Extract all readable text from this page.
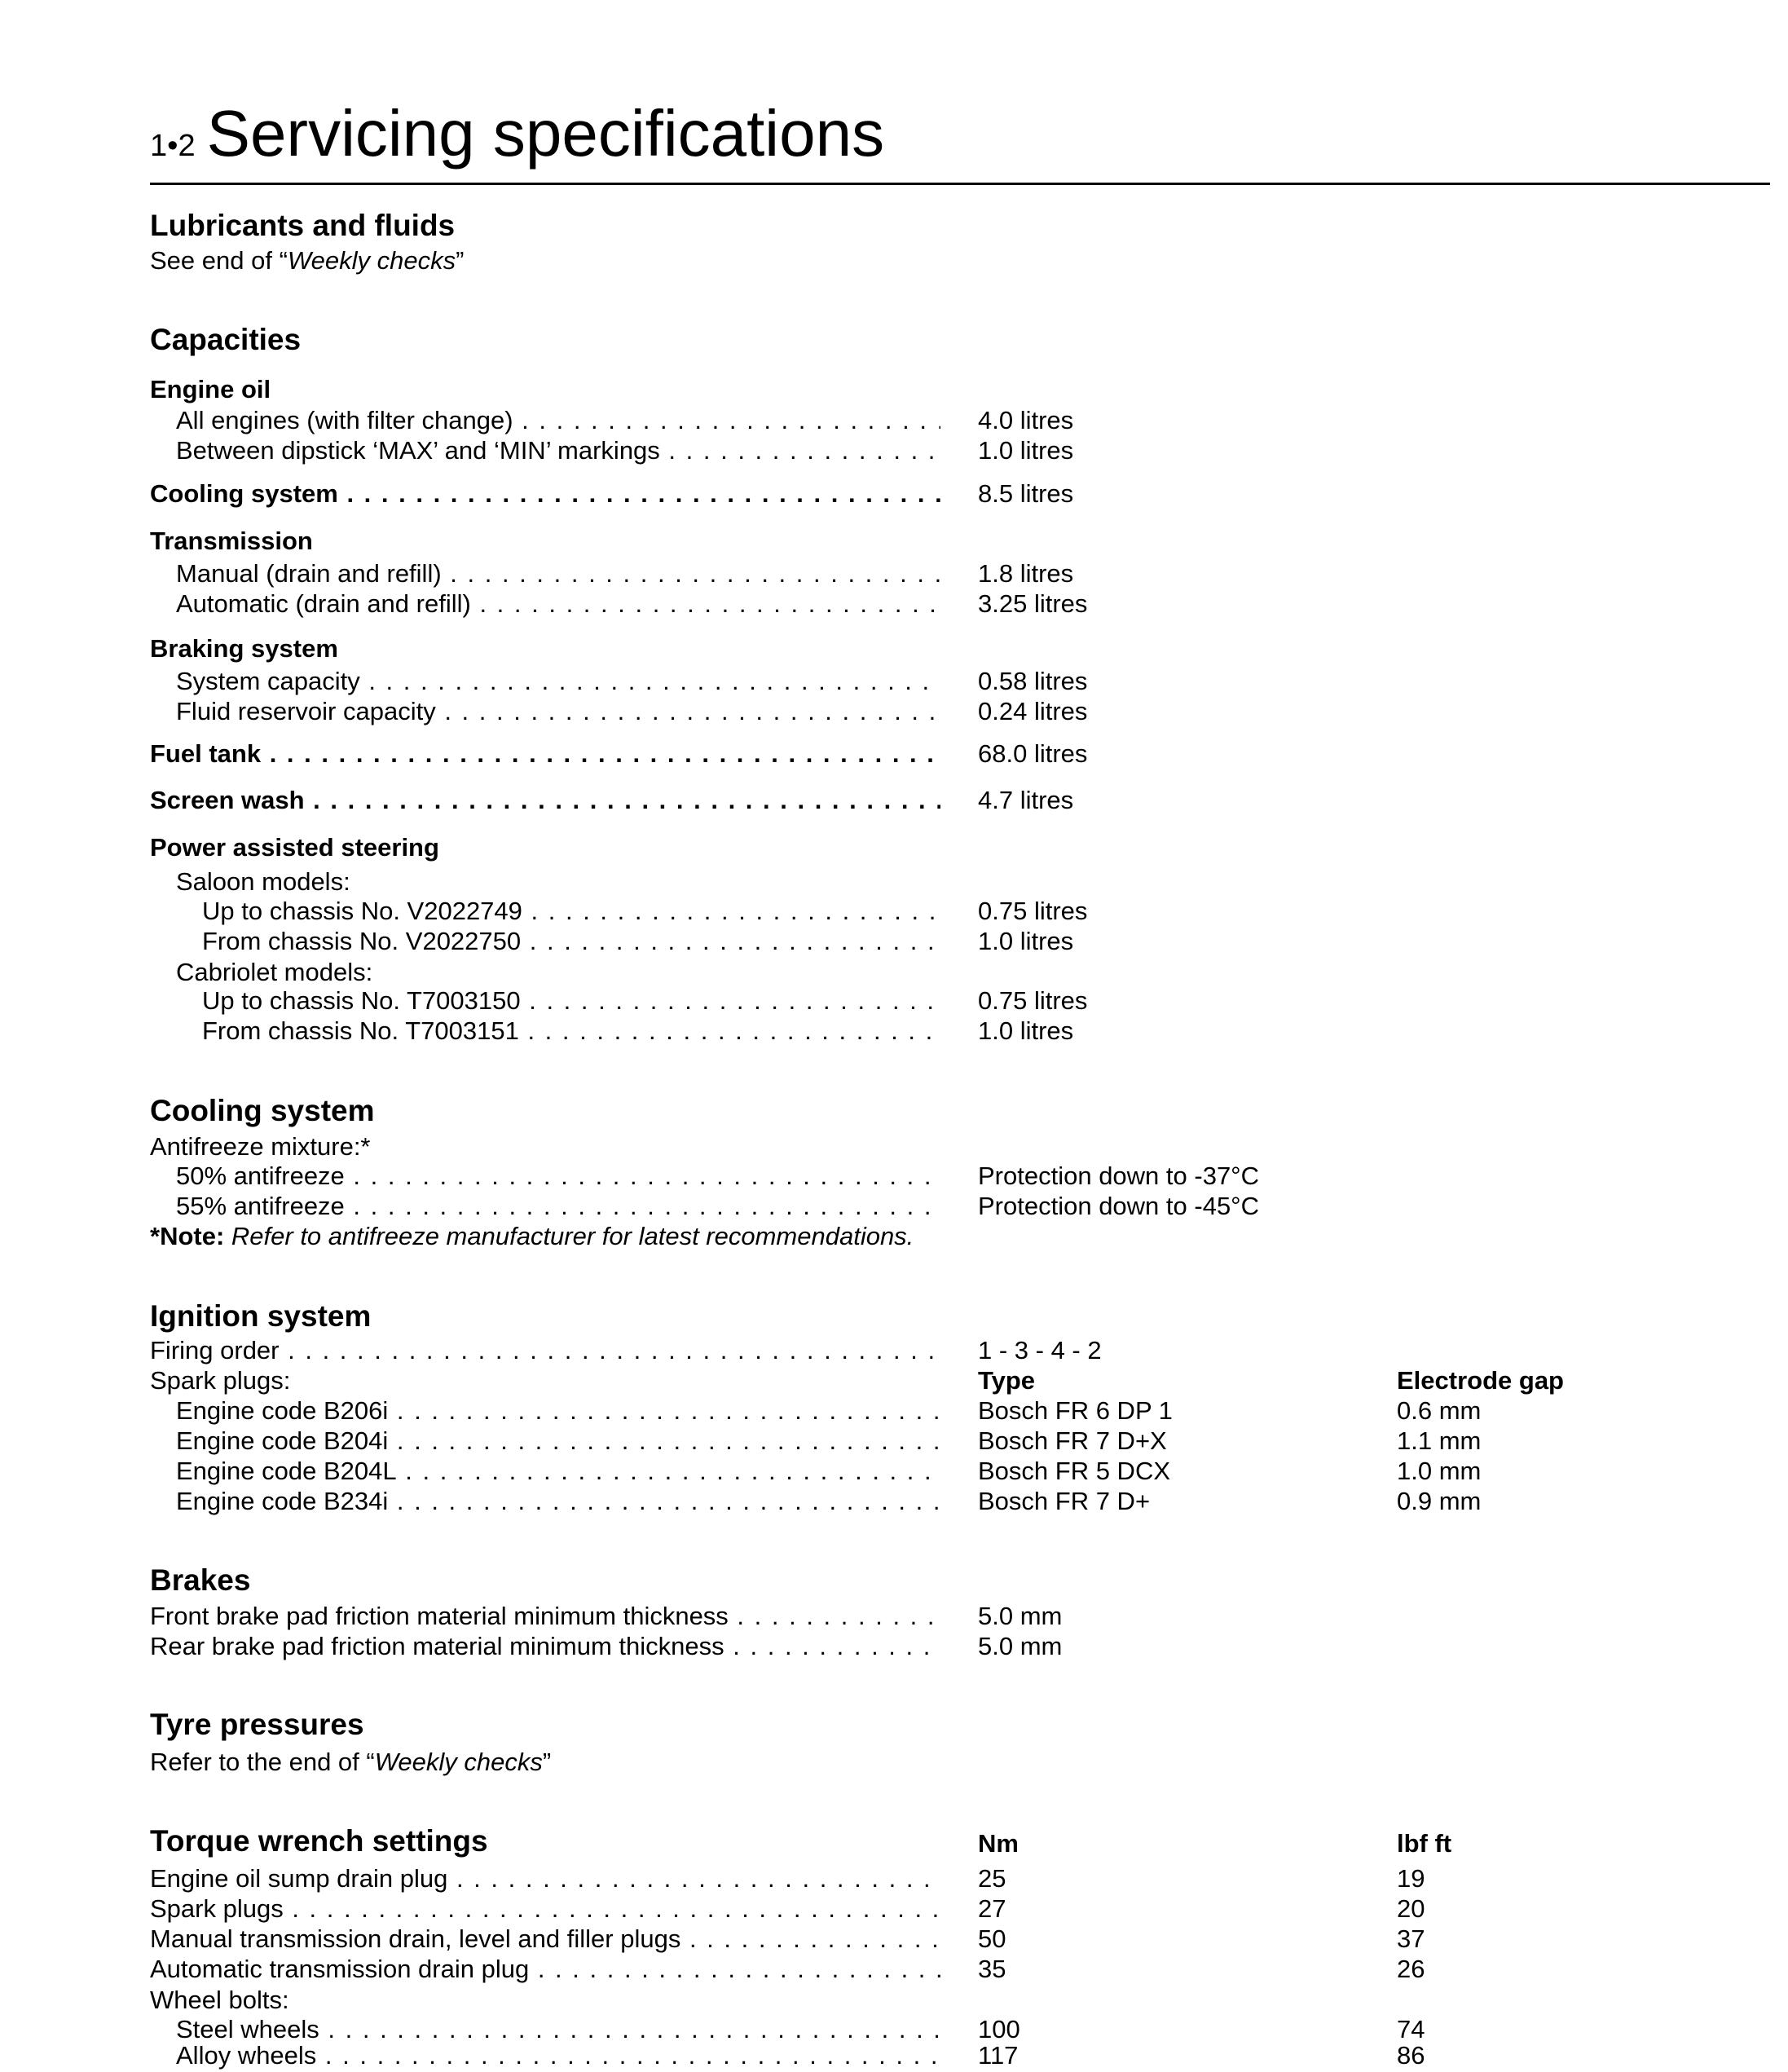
1•2 Servicing specifications
Lubricants and fluids
See end of “Weekly checks”
Capacities
Engine oil
All engines (with filter change) . . .	4.0 litres
Between dipstick ‘MAX’ and ‘MIN’ markings . . .	1.0 litres
Cooling system . . .	8.5 litres
Transmission
Manual (drain and refill) . . .	1.8 litres
Automatic (drain and refill) . . .	3.25 litres
Braking system
System capacity . . .	0.58 litres
Fluid reservoir capacity . . .	0.24 litres
Fuel tank . . .	68.0 litres
Screen wash . . .	4.7 litres
Power assisted steering
Saloon models:
Up to chassis No. V2022749 . . .	0.75 litres
From chassis No. V2022750 . . .	1.0 litres
Cabriolet models:
Up to chassis No. T7003150 . . .	0.75 litres
From chassis No. T7003151 . . .	1.0 litres
Cooling system
Antifreeze mixture:*
50% antifreeze . . .	Protection down to -37°C
55% antifreeze . . .	Protection down to -45°C
*Note: Refer to antifreeze manufacturer for latest recommendations.
Ignition system
Firing order . . .	1 - 3 - 4 - 2
Spark plugs:	Type	Electrode gap
Engine code B206i . . .	Bosch FR 6 DP 1	0.6 mm
Engine code B204i . . .	Bosch FR 7 D+X	1.1 mm
Engine code B204L . . .	Bosch FR 5 DCX	1.0 mm
Engine code B234i . . .	Bosch FR 7 D+	0.9 mm
Brakes
Front brake pad friction material minimum thickness . . .	5.0 mm
Rear brake pad friction material minimum thickness . . .	5.0 mm
Tyre pressures
Refer to the end of “Weekly checks”
Torque wrench settings	Nm	lbf ft
Engine oil sump drain plug . . .	25	19
Spark plugs . . .	27	20
Manual transmission drain, level and filler plugs . . .	50	37
Automatic transmission drain plug . . .	35	26
Wheel bolts:
Steel wheels . . .	100	74
Alloy wheels . . .	117	86
